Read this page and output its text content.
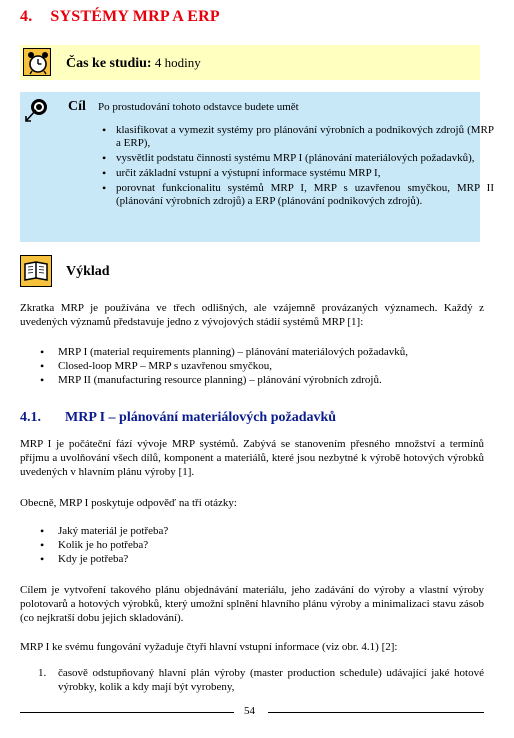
4. SYSTÉMY MRP A ERP
Čas ke studiu: 4 hodiny
Cíl Po prostudování tohoto odstavce budete umět
• klasifikovat a vymezit systémy pro plánování výrobních a podnikových zdrojů (MRP a ERP),
• vysvětlit podstatu činnosti systému MRP I (plánování materiálových požadavků),
• určit základní vstupní a výstupní informace systému MRP I,
• porovnat funkcionalitu systémů MRP I, MRP s uzavřenou smyčkou, MRP II (plánování výrobních zdrojů) a ERP (plánování podnikových zdrojů).
Výklad

Zkratka MRP je používána ve třech odlišných, ale vzájemně provázaných významech. Každý z uvedených významů představuje jedno z vývojových stádií systémů MRP [1]:

• MRP I (material requirements planning) – plánování materiálových požadavků,
• Closed-loop MRP – MRP s uzavřenou smyčkou,
• MRP II (manufacturing resource planning) – plánování výrobních zdrojů.
4.1. MRP I – plánování materiálových požadavků

MRP I je počáteční fází vývoje MRP systémů. Zabývá se stanovením přesného množství a termínů příjmu a uvolňování všech dílů, komponent a materiálů, které jsou nezbytné k výrobě hotových výrobků uvedených v hlavním plánu výroby [1].

Obecně, MRP I poskytuje odpověď na tři otázky:

• Jaký materiál je potřeba?
• Kolik je ho potřeba?
• Kdy je potřeba?

Cílem je vytvoření takového plánu objednávání materiálu, jeho zadávání do výroby a vlastní výroby polotovarů a hotových výrobků, který umožní splnění hlavního plánu výroby a minimalizaci stavu zásob (co nejkratší dobu jejich skladování).

MRP I ke svému fungování vyžaduje čtyři hlavní vstupní informace (viz obr. 4.1) [2]:

1. časově odstupňovaný hlavní plán výroby (master production schedule) udávající jaké hotové výrobky, kolik a kdy mají být vyrobeny,
54
